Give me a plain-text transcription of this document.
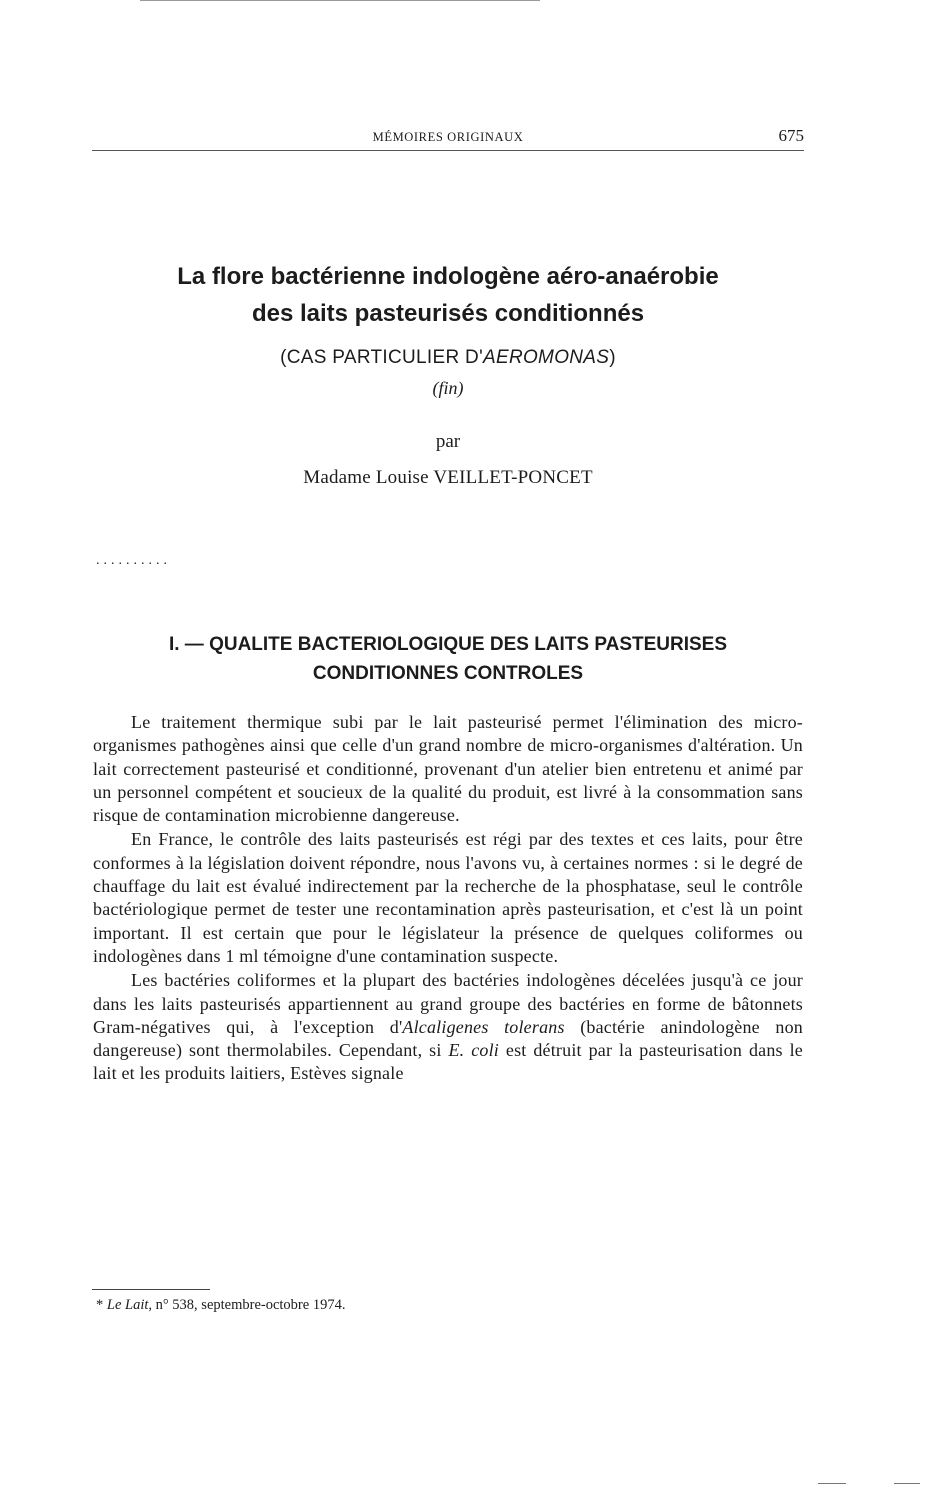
MÉMOIRES ORIGINAUX	675
La flore bactérienne indologène aéro-anaérobie
des laits pasteurisés conditionnés
(CAS PARTICULIER D'AEROMONAS)
(fin)
par
Madame Louise VEILLET-PONCET
..........
I. — QUALITE BACTERIOLOGIQUE DES LAITS PASTEURISES
CONDITIONNES CONTROLES

Le traitement thermique subi par le lait pasteurisé permet l'élimination des micro-organismes pathogènes ainsi que celle d'un grand nombre de micro-organismes d'altération. Un lait correctement pasteurisé et conditionné, provenant d'un atelier bien entretenu et animé par un personnel compétent et soucieux de la qualité du produit, est livré à la consommation sans risque de contamination microbienne dangereuse.

En France, le contrôle des laits pasteurisés est régi par des textes et ces laits, pour être conformes à la législation doivent répondre, nous l'avons vu, à certaines normes : si le degré de chauffage du lait est évalué indirectement par la recherche de la phosphatase, seul le contrôle bactériologique permet de tester une recontamination après pasteurisation, et c'est là un point important. Il est certain que pour le législateur la présence de quelques coliformes ou indologènes dans 1 ml témoigne d'une contamination suspecte.

Les bactéries coliformes et la plupart des bactéries indologènes décelées jusqu'à ce jour dans les laits pasteurisés appartiennent au grand groupe des bactéries en forme de bâtonnets Gram-négatives qui, à l'exception d'Alcaligenes tolerans (bactérie anindologène non dangereuse) sont thermolabiles. Cependant, si E. coli est détruit par la pasteurisation dans le lait et les produits laitiers, Estèves signale

* Le Lait, n° 538, septembre-octobre 1974.
